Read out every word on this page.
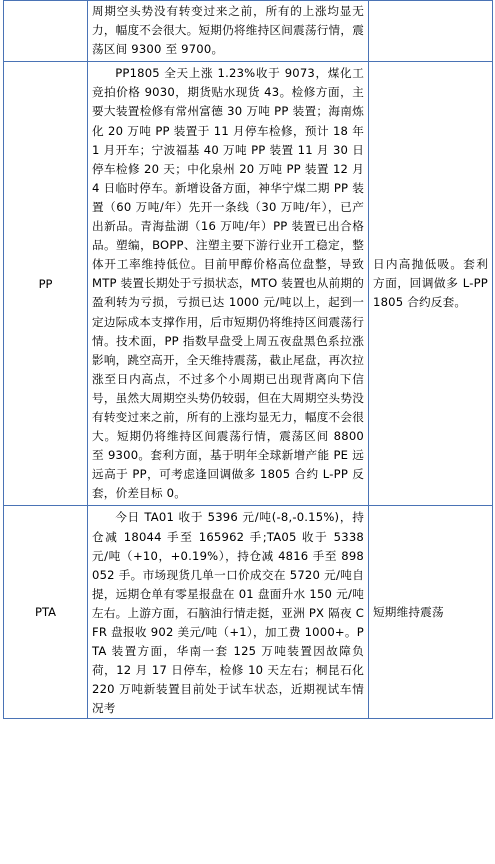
	周期空头势没有转变过来之前，所有的上涨均显无力，幅度不会很大。短期仍将维持区间震荡行情，震荡区间 9300 至 9700。	

PP	PP1805 全天上涨 1.23%收于 9073，煤化工竞拍价格 9030，期货贴水现货 43。检修方面，主要大装置检修有常州富德 30 万吨 PP 装置；海南炼化 20 万吨 PP 装置于 11 月停车检修，预计 18 年 1 月开车；宁波福基 40 万吨 PP 装置 11 月 30 日停车检修 20 天；中化泉州 20 万吨 PP 装置 12 月 4 日临时停车。新增设备方面，神华宁煤二期 PP 装置（60 万吨/年）先开一条线（30 万吨/年），已产出新品。青海盐湖（16 万吨/年）PP 装置已出合格品。塑编，BOPP、注塑主要下游行业开工稳定，整体开工率维持低位。目前甲醇价格高位盘整，导致 MTP 装置长期处于亏损状态，MTO 装置也从前期的盈利转为亏损，亏损已达 1000 元/吨以上，起到一定边际成本支撑作用，后市短期仍将维持区间震荡行情。技术面，PP 指数早盘受上周五夜盘黑色系拉涨影响，跳空高开，全天维持震荡，截止尾盘，再次拉涨至日内高点，不过多个小周期已出现背离向下信号，虽然大周期空头势仍较弱，但在大周期空头势没有转变过来之前，所有的上涨均显无力，幅度不会很大。短期仍将维持区间震荡行情，震荡区间 8800 至 9300。套利方面，基于明年全球新增产能 PE 远远高于 PP，可考虑逢回调做多 1805 合约 L-PP 反套，价差目标 0。	日内高抛低吸。套利方面，回调做多 L-PP1805 合约反套。

PTA	今日 TA01 收于 5396 元/吨(-8,-0.15%)，持仓减 18044 手至 165962 手;TA05 收于 5338 元/吨（+10，+0.19%），持仓减 4816 手至 898052 手。市场现货几单一口价成交在 5720 元/吨自提，远期仓单有零星报盘在 01 盘面升水 150 元/吨左右。上游方面，石脑油行情走挺，亚洲 PX 隔夜 CFR 盘报收 902 美元/吨（+1），加工费 1000+。PTA 装置方面，华南一套 125 万吨装置因故障负荷，12 月 17 日停车，检修 10 天左右；桐昆石化 220 万吨新装置目前处于试车状态，近期视试车情况考	短期维持震荡
